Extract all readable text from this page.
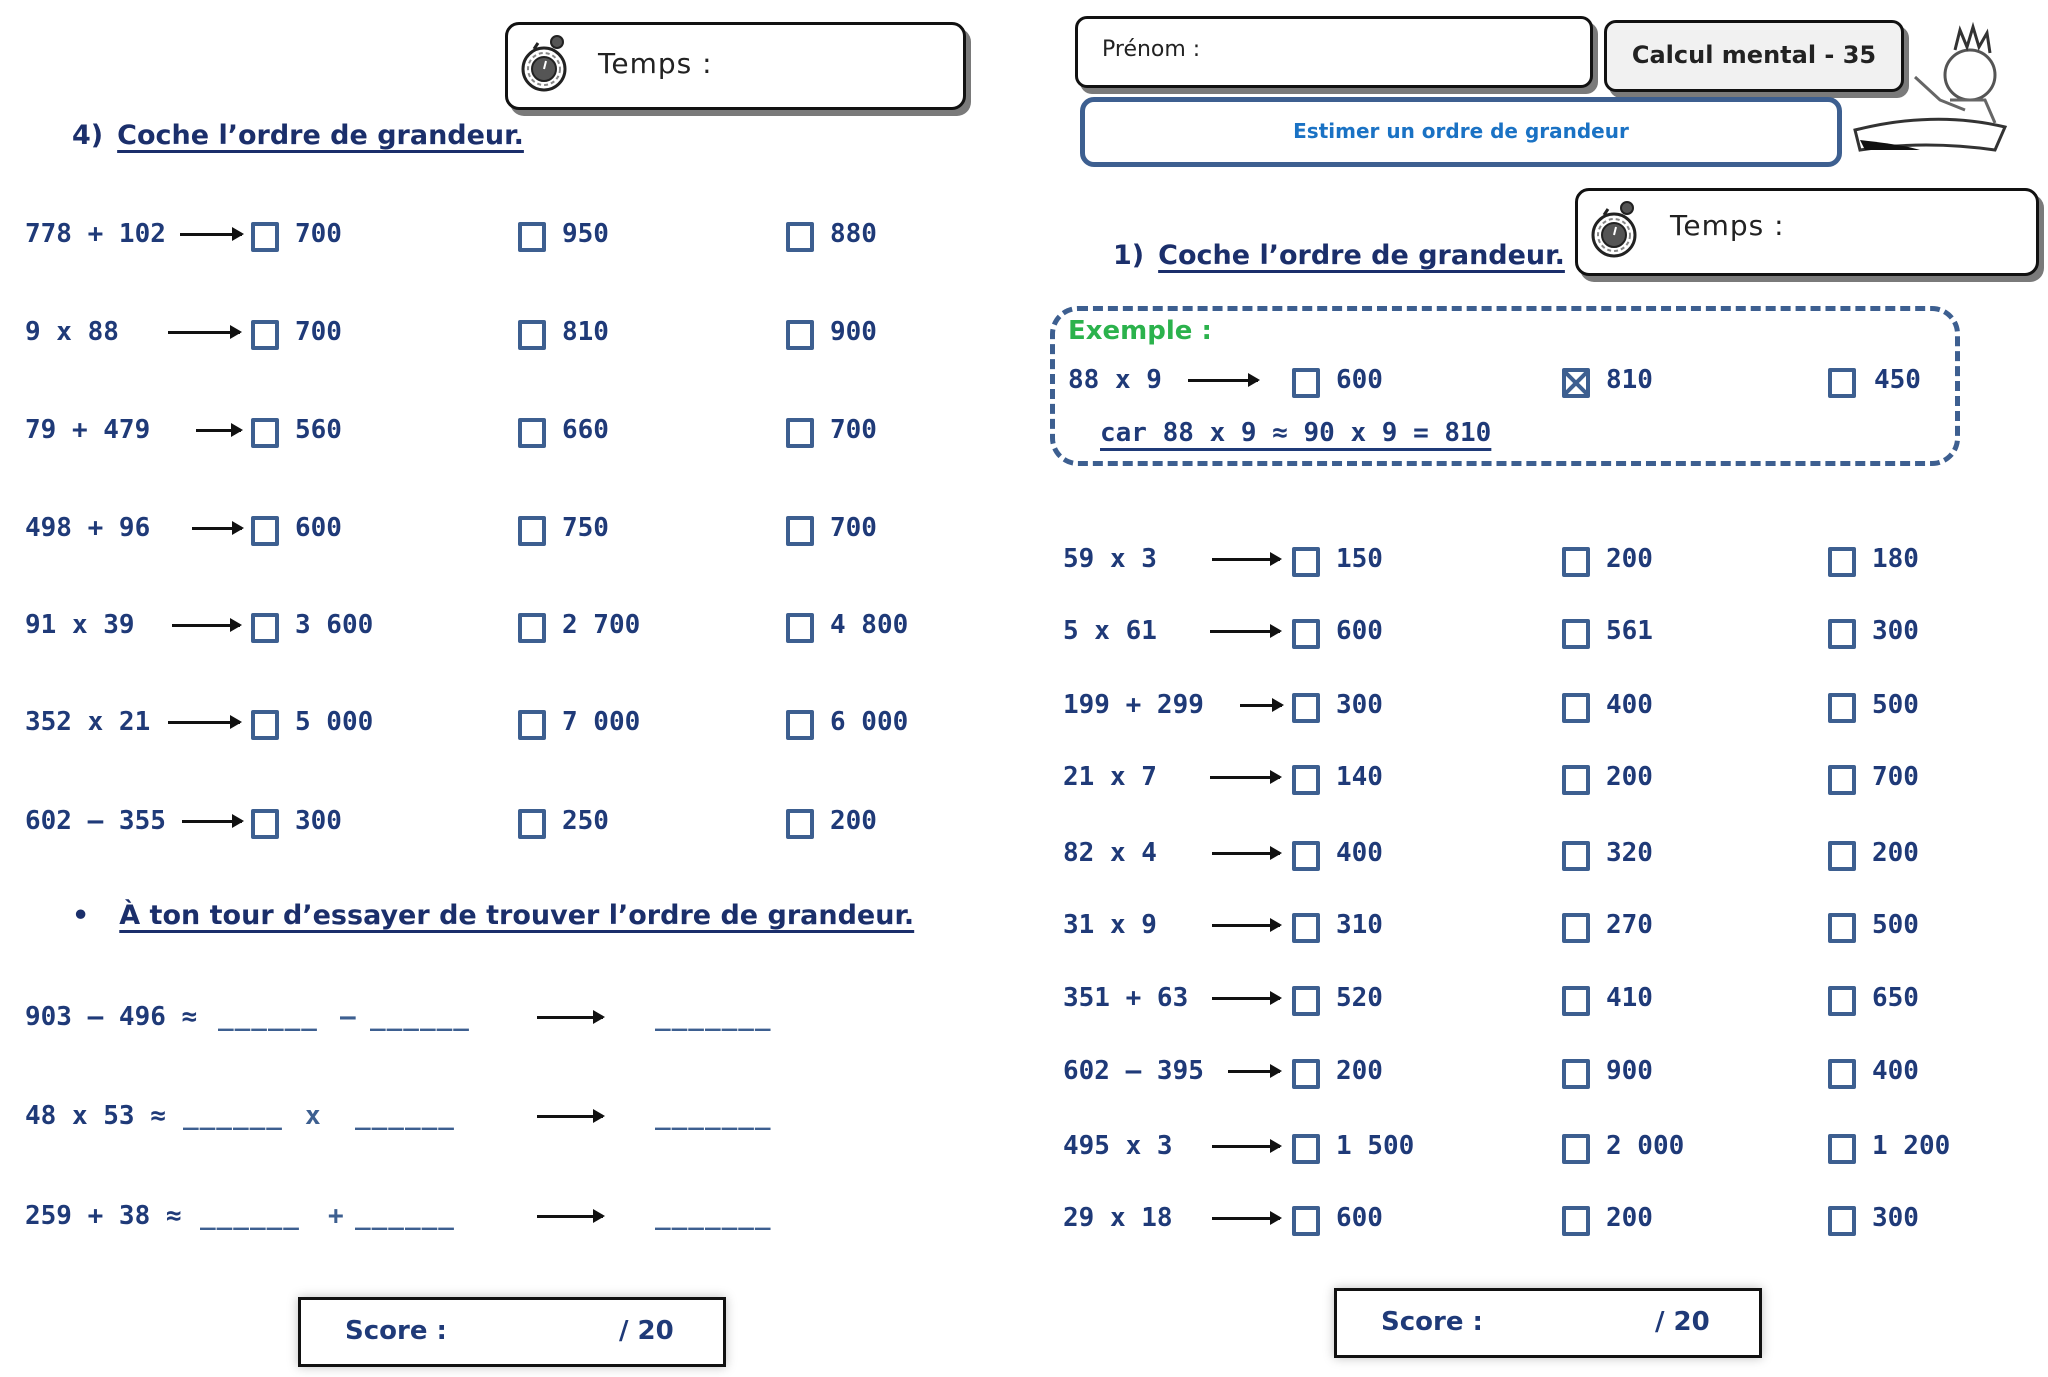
Temps :
4) Coche l’ordre de grandeur.
778 + 102	700	950	880
9 x 88	700	810	900
79 + 479	560	660	700
498 + 96	600	750	700
91 x 39	3 600	2 700	4 800
352 x 21	5 000	7 000	6 000
602 – 355	300	250	200
• À ton tour d’essayer de trouver l’ordre de grandeur.
903 – 496 ≈ ______ – ______	_______
48 x 53 ≈ ______ x ______	_______
259 + 38 ≈ ______ + ______	_______
Score :	/ 20
Prénom :	Calcul mental - 35
Estimer un ordre de grandeur
Temps :
1) Coche l’ordre de grandeur.
Exemple :
88 x 9	600	810	450
car 88 x 9 ≈ 90 x 9 = 810
59 x 3	150	200	180
5 x 61	600	561	300
199 + 299	300	400	500
21 x 7	140	200	700
82 x 4	400	320	200
31 x 9	310	270	500
351 + 63	520	410	650
602 – 395	200	900	400
495 x 3	1 500	2 000	1 200
29 x 18	600	200	300
Score :	/ 20
